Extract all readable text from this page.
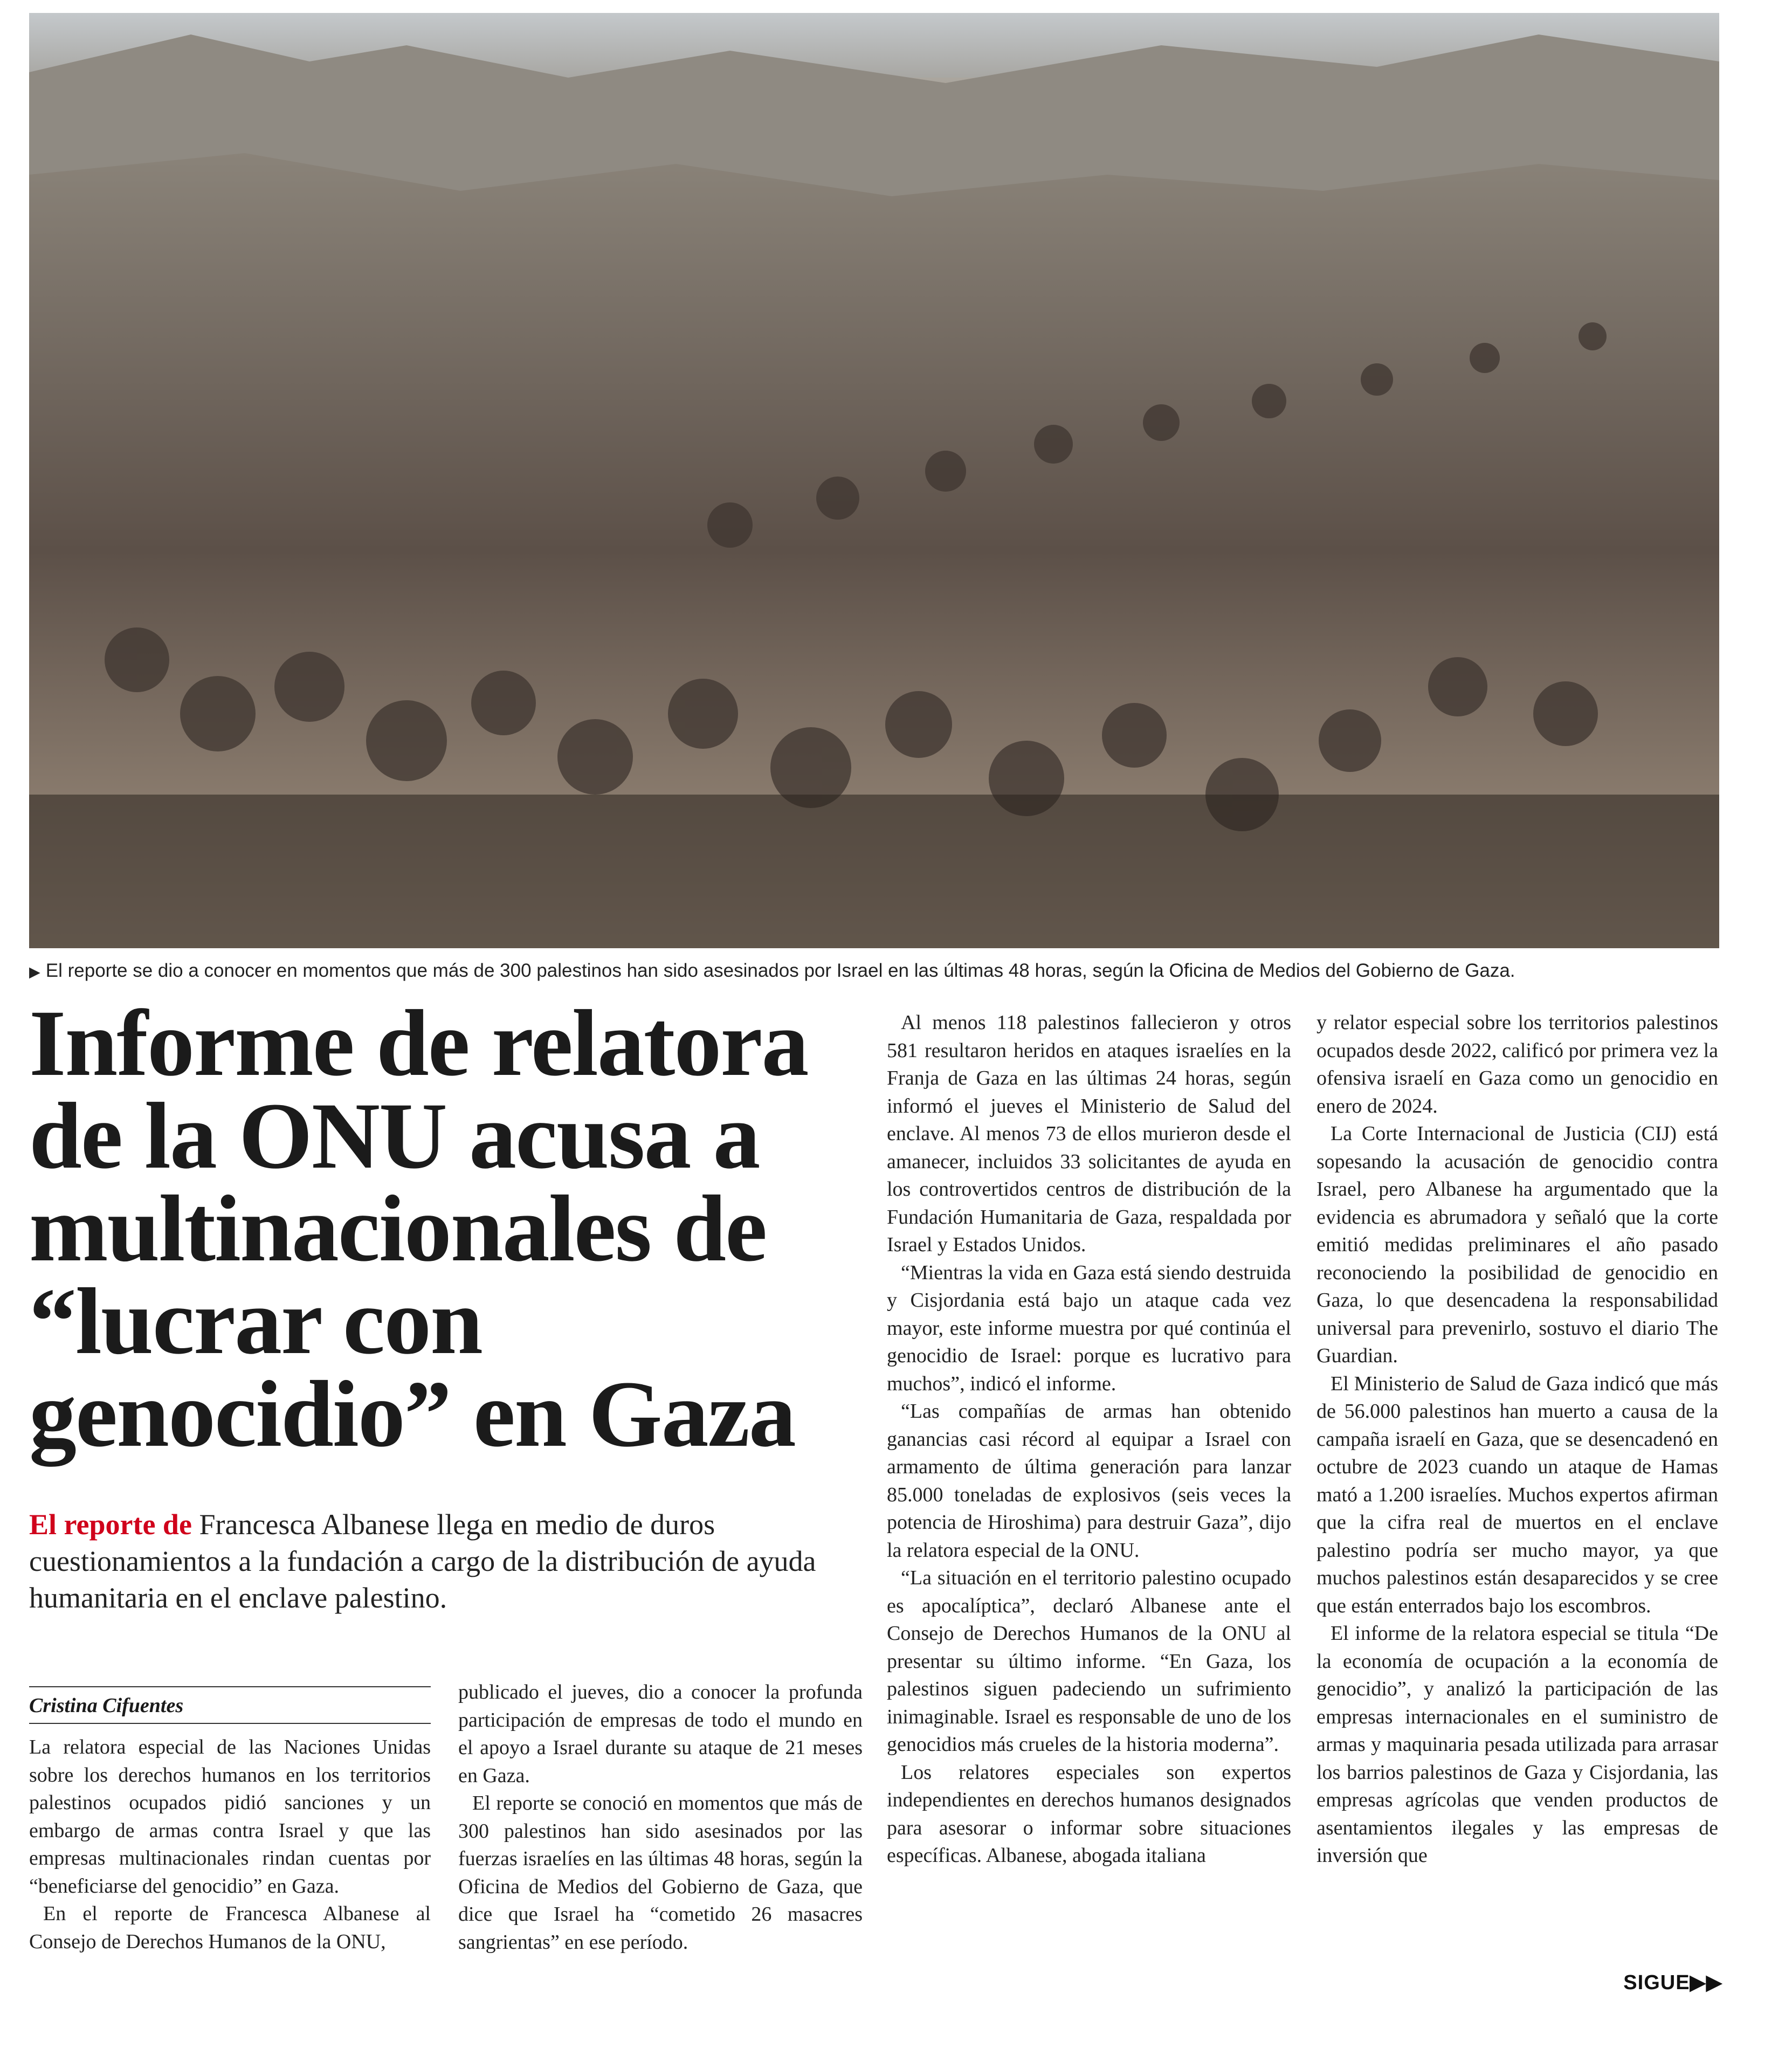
▶ El reporte se dio a conocer en momentos que más de 300 palestinos han sido asesinados por Israel en las últimas 48 horas, según la Oficina de Medios del Gobierno de Gaza.
Informe de relatora de la ONU acusa a multinacionales de “lucrar con genocidio” en Gaza

El reporte de Francesca Albanese llega en medio de duros cuestionamientos a la fundación a cargo de la distribución de ayuda humanitaria en el enclave palestino.

Cristina Cifuentes

La relatora especial de las Naciones Unidas sobre los derechos humanos en los territorios palestinos ocupados pidió sanciones y un embargo de armas contra Israel y que las empresas multinacionales rindan cuentas por “beneficiarse del genocidio” en Gaza.

En el reporte de Francesca Albanese al Consejo de Derechos Humanos de la ONU,

publicado el jueves, dio a conocer la profunda participación de empresas de todo el mundo en el apoyo a Israel durante su ataque de 21 meses en Gaza.

El reporte se conoció en momentos que más de 300 palestinos han sido asesinados por las fuerzas israelíes en las últimas 48 horas, según la Oficina de Medios del Gobierno de Gaza, que dice que Israel ha “cometido 26 masacres sangrientas” en ese período.

Al menos 118 palestinos fallecieron y otros 581 resultaron heridos en ataques israelíes en la Franja de Gaza en las últimas 24 horas, según informó el jueves el Ministerio de Salud del enclave. Al menos 73 de ellos murieron desde el amanecer, incluidos 33 solicitantes de ayuda en los controvertidos centros de distribución de la Fundación Humanitaria de Gaza, respaldada por Israel y Estados Unidos.

“Mientras la vida en Gaza está siendo destruida y Cisjordania está bajo un ataque cada vez mayor, este informe muestra por qué continúa el genocidio de Israel: porque es lucrativo para muchos”, indicó el informe.

“Las compañías de armas han obtenido ganancias casi récord al equipar a Israel con armamento de última generación para lanzar 85.000 toneladas de explosivos (seis veces la potencia de Hiroshima) para destruir Gaza”, dijo la relatora especial de la ONU.

“La situación en el territorio palestino ocupado es apocalíptica”, declaró Albanese ante el Consejo de Derechos Humanos de la ONU al presentar su último informe. “En Gaza, los palestinos siguen padeciendo un sufrimiento inimaginable. Israel es responsable de uno de los genocidios más crueles de la historia moderna”.

Los relatores especiales son expertos independientes en derechos humanos designados para asesorar o informar sobre situaciones específicas. Albanese, abogada italiana

y relator especial sobre los territorios palestinos ocupados desde 2022, calificó por primera vez la ofensiva israelí en Gaza como un genocidio en enero de 2024.

La Corte Internacional de Justicia (CIJ) está sopesando la acusación de genocidio contra Israel, pero Albanese ha argumentado que la evidencia es abrumadora y señaló que la corte emitió medidas preliminares el año pasado reconociendo la posibilidad de genocidio en Gaza, lo que desencadena la responsabilidad universal para prevenirlo, sostuvo el diario The Guardian.

El Ministerio de Salud de Gaza indicó que más de 56.000 palestinos han muerto a causa de la campaña israelí en Gaza, que se desencadenó en octubre de 2023 cuando un ataque de Hamas mató a 1.200 israelíes. Muchos expertos afirman que la cifra real de muertos en el enclave palestino podría ser mucho mayor, ya que muchos palestinos están desaparecidos y se cree que están enterrados bajo los escombros.

El informe de la relatora especial se titula “De la economía de ocupación a la economía de genocidio”, y analizó la participación de las empresas internacionales en el suministro de armas y maquinaria pesada utilizada para arrasar los barrios palestinos de Gaza y Cisjordania, las empresas agrícolas que venden productos de asentamientos ilegales y las empresas de inversión que

SIGUE▶▶
